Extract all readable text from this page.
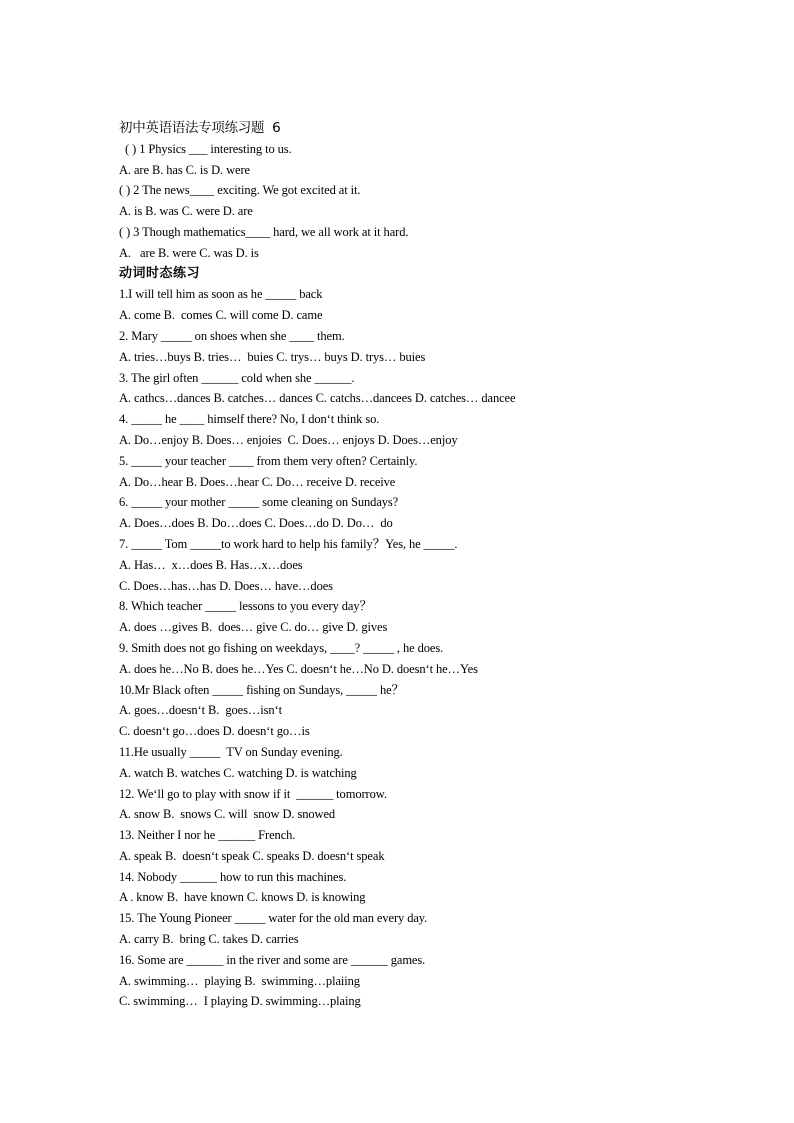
初中英语语法专项练习题  6
( ) 1 Physics ___ interesting to us.
A. are B. has C. is D. were
( ) 2 The news____ exciting. We got excited at it.
A. is B. was C. were D. are
( ) 3 Though mathematics____ hard, we all work at it hard.
A.   are B. were C. was D. is
动词时态练习
1.I will tell him as soon as he _____ back
A. come B.  comes C. will come D. came
2. Mary _____ on shoes when she ____ them.
A. tries…buys B. tries…  buies C. trys… buys D. trys… buies
3. The girl often ______ cold when she ______.
A. cathcs…dances B. catches… dances C. catchs…dancees D. catches… dancee
4. _____ he ____ himself there? No, I don‘t think so.
A. Do…enjoy B. Does… enjoies  C. Does… enjoys D. Does…enjoy
5. _____ your teacher ____ from them very often? Certainly.
A. Do…hear B. Does…hear C. Do… receive D. receive
6. _____ your mother _____ some cleaning on Sundays?
A. Does…does B. Do…does C. Does…do D. Do…  do
7. _____ Tom _____to work hard to help his family？Yes, he _____.
A. Has…  x…does B. Has…x…does
C. Does…has…has D. Does… have…does
8. Which teacher _____ lessons to you every day？
A. does …gives B.  does… give C. do… give D. gives
9. Smith does not go fishing on weekdays, ____? _____ , he does.
A. does he…No B. does he…Yes C. doesn‘t he…No D. doesn‘t he…Yes
10.Mr Black often _____ fishing on Sundays, _____ he？
A. goes…doesn‘t B.  goes…isn‘t
C. doesn‘t go…does D. doesn‘t go…is
11.He usually _____  TV on Sunday evening.
A. watch B. watches C. watching D. is watching
12. We‘ll go to play with snow if it  ______ tomorrow.
A. snow B.  snows C. will  snow D. snowed
13. Neither I nor he ______ French.
A. speak B.  doesn‘t speak C. speaks D. doesn‘t speak
14. Nobody ______ how to run this machines.
A . know B.  have known C. knows D. is knowing
15. The Young Pioneer _____ water for the old man every day.
A. carry B.  bring C. takes D. carries
16. Some are ______ in the river and some are ______ games.
A. swimming…  playing B.  swimming…plaiing
C. swimming…  I playing D. swimming…plaing
